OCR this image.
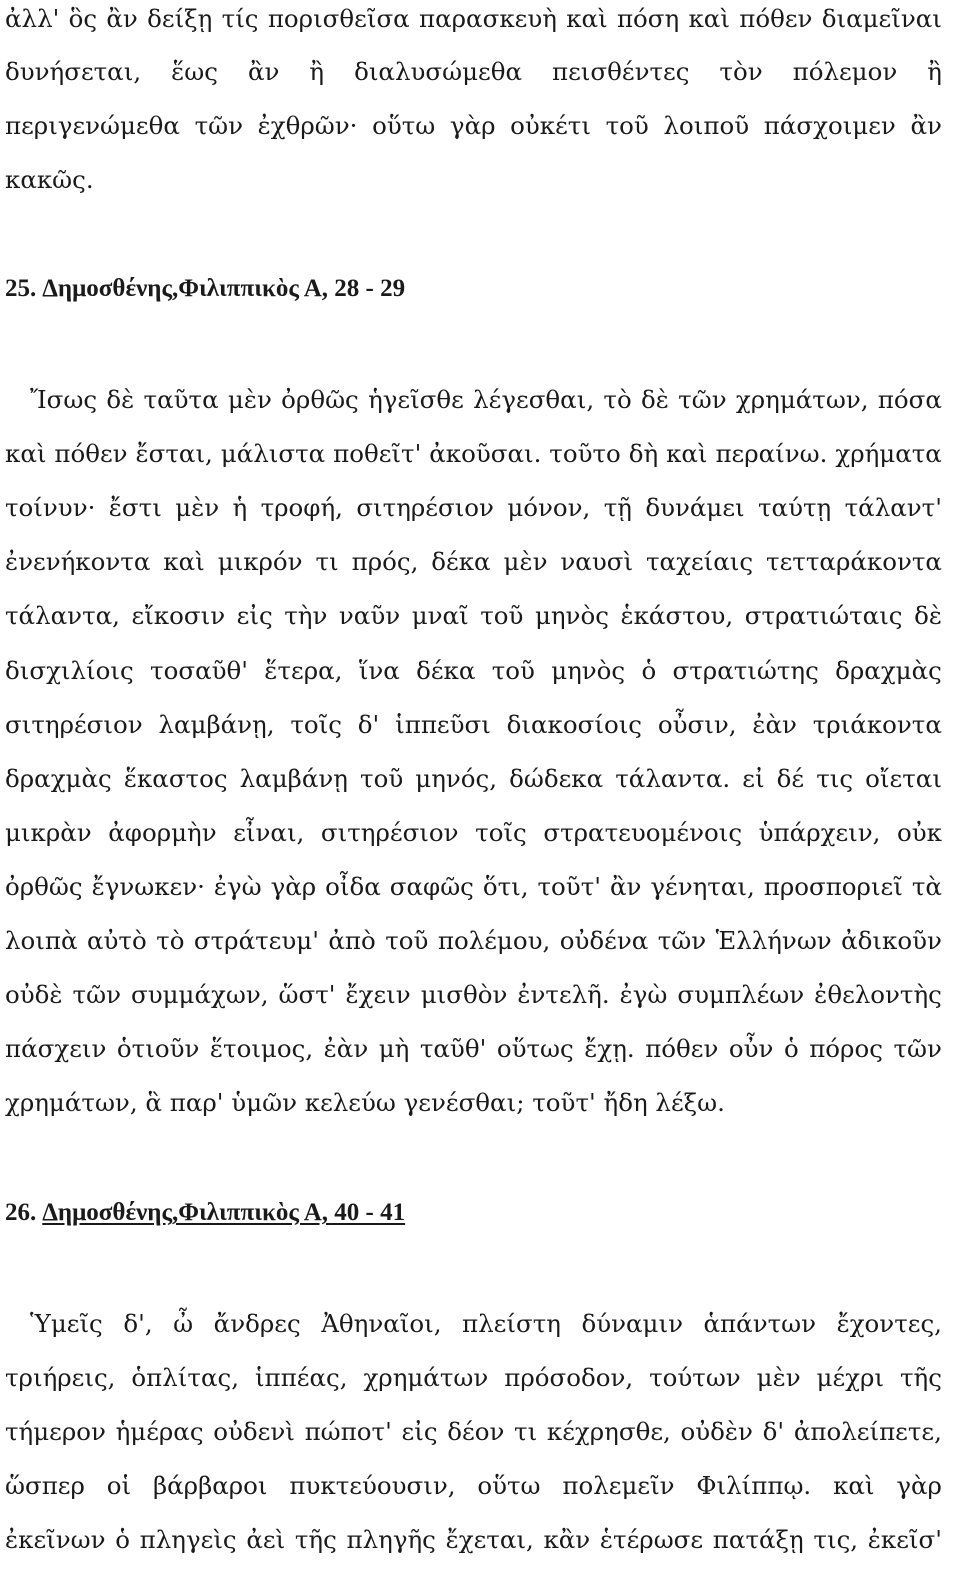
ἀλλ' ὃς ἂν δείξῃ τίς πορισθεῖσα παρασκευὴ καὶ πόση καὶ πόθεν διαμεῖναι
δυνήσεται, ἕως ἂν ἢ διαλυσώμεθα πεισθέντες τὸν πόλεμον ἢ
περιγενώμεθα τῶν ἐχθρῶν· οὕτω γὰρ οὐκέτι τοῦ λοιποῦ πάσχοιμεν ἂν
κακῶς.
25. Δημοσθένης,Φιλιππικὸς Α, 28 - 29
Ἴσως δὲ ταῦτα μὲν ὀρθῶς ἡγεῖσθε λέγεσθαι, τὸ δὲ τῶν χρημάτων, πόσα
καὶ πόθεν ἔσται, μάλιστα ποθεῖτ' ἀκοῦσαι. τοῦτο δὴ καὶ περαίνω. χρήματα
τοίνυν· ἔστι μὲν ἡ τροφή, σιτηρέσιον μόνον, τῇ δυνάμει ταύτῃ τάλαντ'
ἐνενήκοντα καὶ μικρόν τι πρός, δέκα μὲν ναυσὶ ταχείαις τετταράκοντα
τάλαντα, εἴκοσιν εἰς τὴν ναῦν μναῖ τοῦ μηνὸς ἑκάστου, στρατιώταις δὲ
δισχιλίοις τοσαῦθ' ἕτερα, ἵνα δέκα τοῦ μηνὸς ὁ στρατιώτης δραχμὰς
σιτηρέσιον λαμβάνῃ, τοῖς δ' ἱππεῦσι διακοσίοις οὖσιν, ἐὰν τριάκοντα
δραχμὰς ἕκαστος λαμβάνῃ τοῦ μηνός, δώδεκα τάλαντα. εἰ δέ τις οἴεται
μικρὰν ἀφορμὴν εἶναι, σιτηρέσιον τοῖς στρατευομένοις ὑπάρχειν, οὐκ
ὀρθῶς ἔγνωκεν· ἐγὼ γὰρ οἶδα σαφῶς ὅτι, τοῦτ' ἂν γένηται, προσποριεῖ τὰ
λοιπὰ αὐτὸ τὸ στράτευμ' ἀπὸ τοῦ πολέμου, οὐδένα τῶν Ἑλλήνων ἀδικοῦν
οὐδὲ τῶν συμμάχων, ὥστ' ἔχειν μισθὸν ἐντελῆ. ἐγὼ συμπλέων ἐθελοντὴς
πάσχειν ὁτιοῦν ἕτοιμος, ἐὰν μὴ ταῦθ' οὕτως ἔχῃ. πόθεν οὖν ὁ πόρος τῶν
χρημάτων, ἃ παρ' ὑμῶν κελεύω γενέσθαι; τοῦτ' ἤδη λέξω.
26. Δημοσθένης,Φιλιππικὸς Α, 40 - 41
Ὑμεῖς δ', ὦ ἄνδρες Ἀθηναῖοι, πλείστη δύναμιν ἁπάντων ἔχοντες,
τριήρεις, ὁπλίτας, ἱππέας, χρημάτων πρόσοδον, τούτων μὲν μέχρι τῆς
τήμερον ἡμέρας οὐδενὶ πώποτ' εἰς δέον τι κέχρησθε, οὐδὲν δ' ἀπολείπετε,
ὥσπερ οἱ βάρβαροι πυκτεύουσιν, οὕτω πολεμεῖν Φιλίππῳ. καὶ γὰρ
ἐκεῖνων ὁ πληγεὶς ἀεὶ τῆς πληγῆς ἔχεται, κἂν ἑτέρωσε πατάξῃ τις, ἐκεῖσ'
